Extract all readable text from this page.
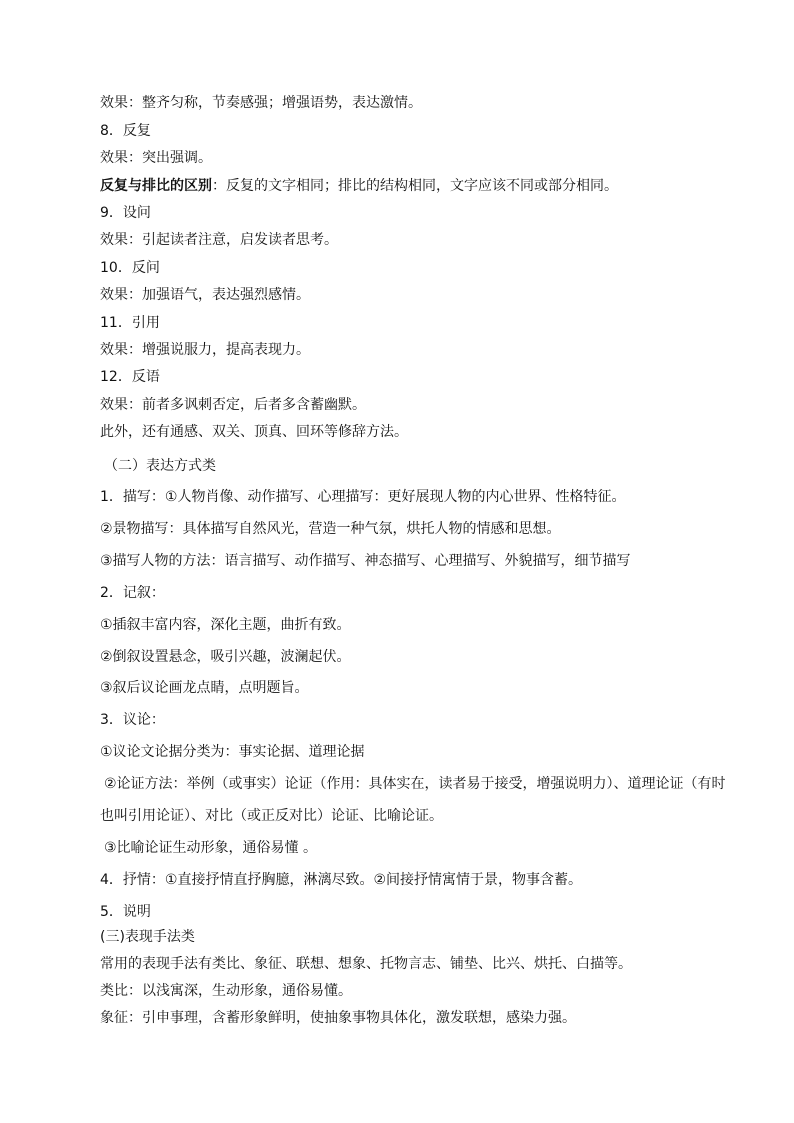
效果：整齐匀称，节奏感强；增强语势，表达激情。
8．反复
效果：突出强调。
反复与排比的区别：反复的文字相同；排比的结构相同，文字应该不同或部分相同。
9．设问
效果：引起读者注意，启发读者思考。
10．反问
效果：加强语气，表达强烈感情。
11．引用
效果：增强说服力，提高表现力。
12．反语
效果：前者多讽刺否定，后者多含蓄幽默。
此外，还有通感、双关、顶真、回环等修辞方法。
（二）表达方式类
1．描写：①人物肖像、动作描写、心理描写：更好展现人物的内心世界、性格特征。
②景物描写：具体描写自然风光，营造一种气氛，烘托人物的情感和思想。
③描写人物的方法：语言描写、动作描写、神态描写、心理描写、外貌描写，细节描写
2．记叙：
①插叙丰富内容，深化主题，曲折有致。
②倒叙设置悬念，吸引兴趣，波澜起伏。
③叙后议论画龙点睛，点明题旨。
3．议论：
①议论文论据分类为：事实论据、道理论据
②论证方法：举例（或事实）论证（作用：具体实在，读者易于接受，增强说明力）、道理论证（有时
也叫引用论证）、对比（或正反对比）论证、比喻论证。
③比喻论证生动形象，通俗易懂 。
4．抒情：①直接抒情直抒胸臆，淋漓尽致。②间接抒情寓情于景，物事含蓄。
5．说明
(三)表现手法类
常用的表现手法有类比、象征、联想、想象、托物言志、铺垫、比兴、烘托、白描等。
类比：以浅寓深，生动形象，通俗易懂。
象征：引申事理，含蓄形象鲜明，使抽象事物具体化，激发联想，感染力强。
